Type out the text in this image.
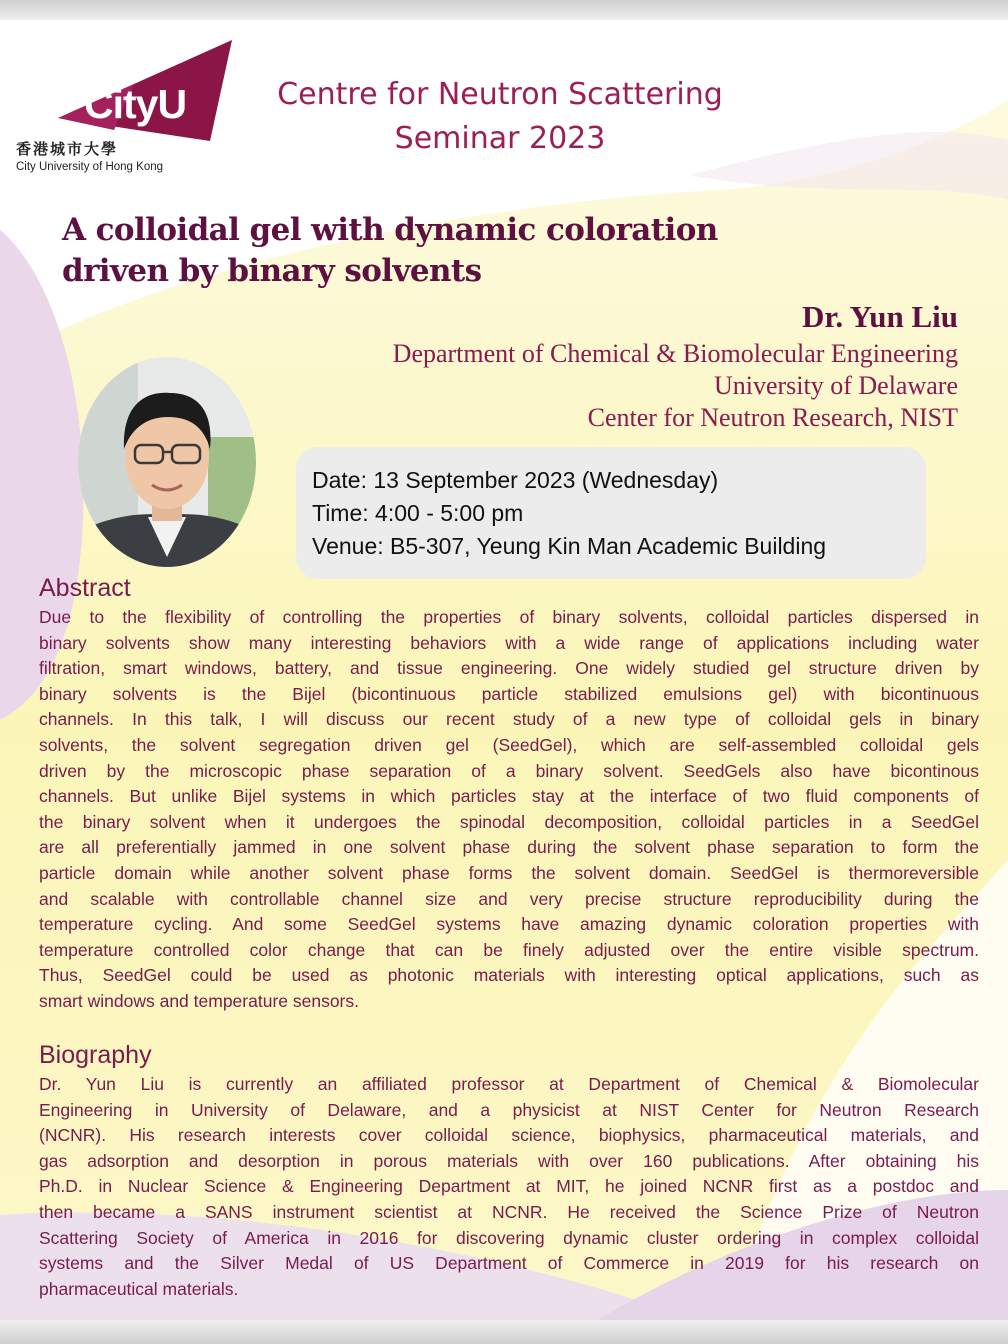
CityU
香港城市大學
City University of Hong Kong
Centre for Neutron Scattering
Seminar 2023
A colloidal gel with dynamic coloration
driven by binary solvents
Dr. Yun Liu
Department of Chemical & Biomolecular Engineering
University of Delaware
Center for Neutron Research, NIST
Date: 13 September 2023 (Wednesday)
Time: 4:00 - 5:00 pm
Venue: B5-307, Yeung Kin Man Academic Building
Abstract
Due to the flexibility of controlling the properties of binary solvents, colloidal particles dispersed in
binary solvents show many interesting behaviors with a wide range of applications including water
filtration, smart windows, battery, and tissue engineering. One widely studied gel structure driven by
binary solvents is the Bijel (bicontinuous particle stabilized emulsions gel) with bicontinuous
channels. In this talk, I will discuss our recent study of a new type of colloidal gels in binary
solvents, the solvent segregation driven gel (SeedGel), which are self-assembled colloidal gels
driven by the microscopic phase separation of a binary solvent. SeedGels also have bicontinous
channels. But unlike Bijel systems in which particles stay at the interface of two fluid components of
the binary solvent when it undergoes the spinodal decomposition, colloidal particles in a SeedGel
are all preferentially jammed in one solvent phase during the solvent phase separation to form the
particle domain while another solvent phase forms the solvent domain. SeedGel is thermoreversible
and scalable with controllable channel size and very precise structure reproducibility during the
temperature cycling. And some SeedGel systems have amazing dynamic coloration properties with
temperature controlled color change that can be finely adjusted over the entire visible spectrum.
Thus, SeedGel could be used as photonic materials with interesting optical applications, such as
smart windows and temperature sensors.
Biography
Dr. Yun Liu is currently an affiliated professor at Department of Chemical & Biomolecular
Engineering in University of Delaware, and a physicist at NIST Center for Neutron Research
(NCNR). His research interests cover colloidal science, biophysics, pharmaceutical materials, and
gas adsorption and desorption in porous materials with over 160 publications. After obtaining his
Ph.D. in Nuclear Science & Engineering Department at MIT, he joined NCNR first as a postdoc and
then became a SANS instrument scientist at NCNR. He received the Science Prize of Neutron
Scattering Society of America in 2016 for discovering dynamic cluster ordering in complex colloidal
systems and the Silver Medal of US Department of Commerce in 2019 for his research on
pharmaceutical materials.
